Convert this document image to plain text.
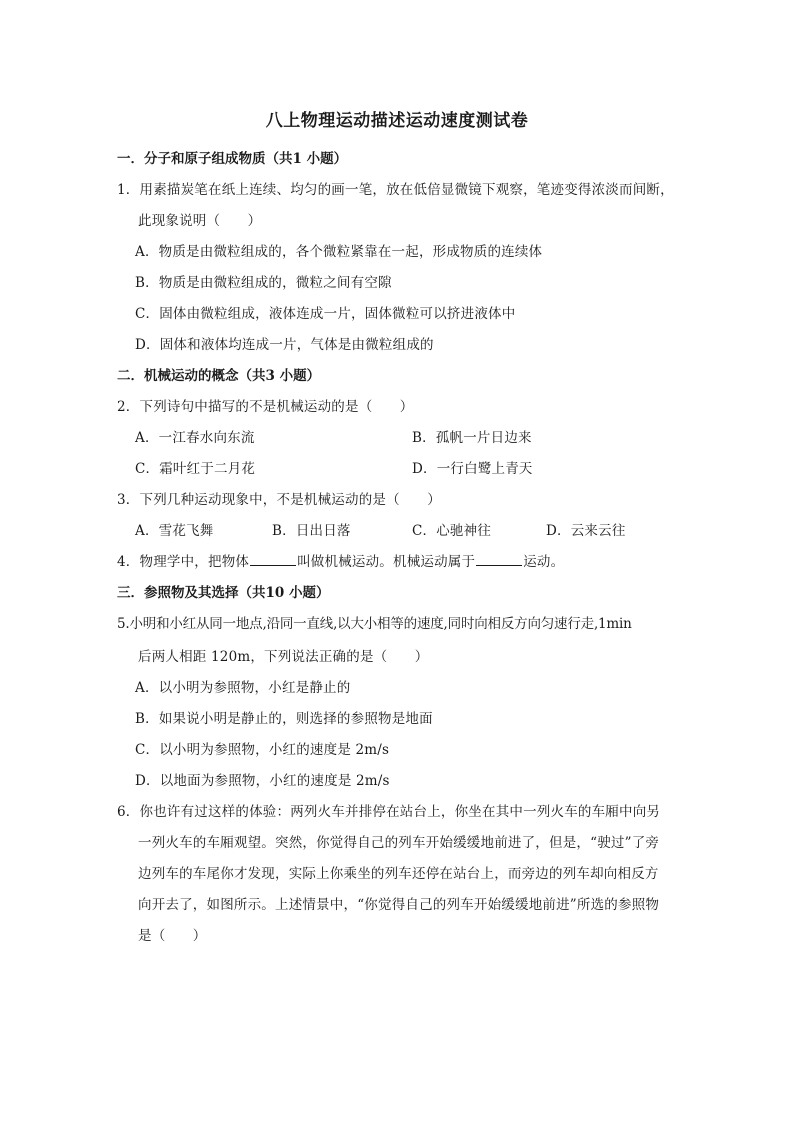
八上物理运动描述运动速度测试卷
一．分子和原子组成物质（共1 小题）
1．用素描炭笔在纸上连续、均匀的画一笔，放在低倍显微镜下观察，笔迹变得浓淡而间断，
此现象说明（　　）
A．物质是由微粒组成的，各个微粒紧靠在一起，形成物质的连续体
B．物质是由微粒组成的，微粒之间有空隙
C．固体由微粒组成，液体连成一片，固体微粒可以挤进液体中
D．固体和液体均连成一片，气体是由微粒组成的
二．机械运动的概念（共3 小题）
2．下列诗句中描写的不是机械运动的是（　　）
A．一江春水向东流	B．孤帆一片日边来
C．霜叶红于二月花	D．一行白鹭上青天
3．下列几种运动现象中，不是机械运动的是（　　）
A．雪花飞舞	B．日出日落	C．心驰神往	D．云来云往
4．物理学中，把物体	叫做机械运动。机械运动属于	运动。
三．参照物及其选择（共10 小题）
5.小明和小红从同一地点,沿同一直线,以大小相等的速度,同时向相反方向匀速行走,1min
后两人相距 120m，下列说法正确的是（　　）
A．以小明为参照物，小红是静止的
B．如果说小明是静止的，则选择的参照物是地面
C．以小明为参照物，小红的速度是 2m/s
D．以地面为参照物，小红的速度是 2m/s
6．你也许有过这样的体验：两列火车并排停在站台上，你坐在其中一列火车的车厢中向另
一列火车的车厢观望。突然，你觉得自己的列车开始缓缓地前进了，但是，“驶过”了旁
边列车的车尾你才发现，实际上你乘坐的列车还停在站台上，而旁边的列车却向相反方
向开去了，如图所示。上述情景中，“你觉得自己的列车开始缓缓地前进”所选的参照物
是（　　）
